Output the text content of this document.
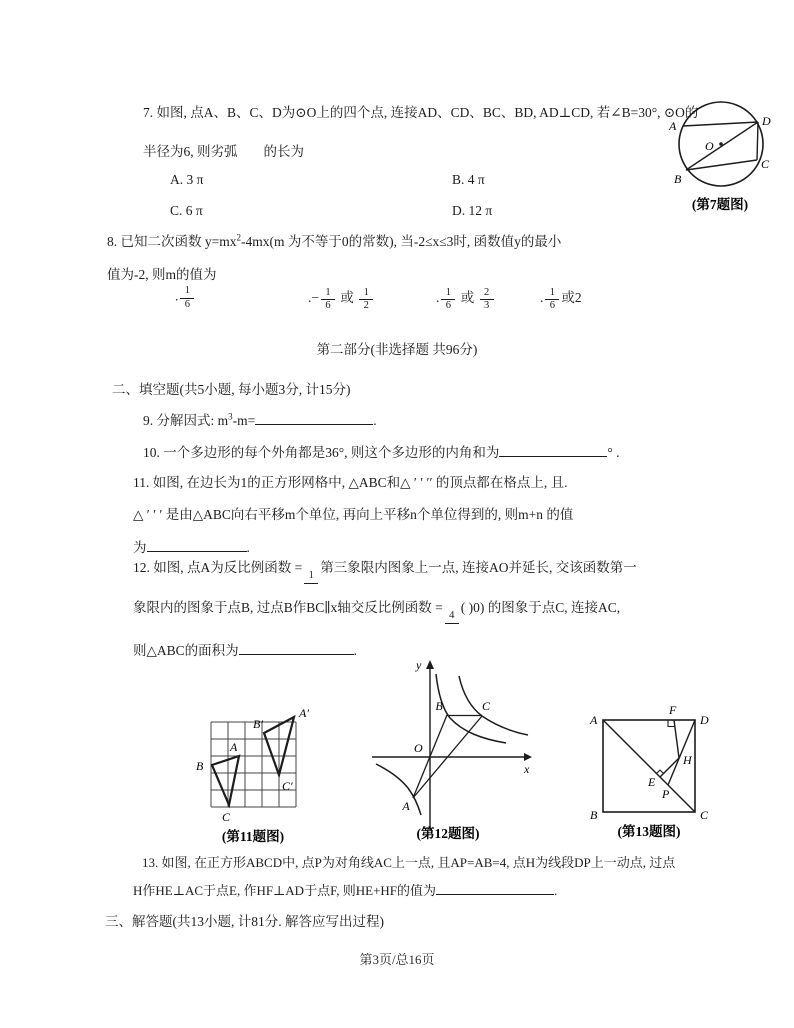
7. 如图, 点A、B、C、D为⊙O上的四个点, 连接AD、CD、BC、BD, AD⊥CD, 若∠B=30°, ⊙O的
半径为6, 则劣弧 的长为
A. 3 π	B. 4 π
C. 6 π	D. 12 π
O
A	D
B
C
(第7题图)
8. 已知二次函数 $y=mx^2-4mx(m$ 为不等于0的常数), 当-2≤x≤3时, 函数值y的最小
值为-2, 则m的值为
. $\frac{1}{6}$	.− $\frac{1}{6}$ 或 $\frac{1}{2}$	. $\frac{1}{6}$ 或 $\frac{2}{3}$	. $\frac{1}{6}$ 或2
第二部分(非选择题 共96分)
二、填空题(共5小题, 每小题3分, 计15分)
9. 分解因式: $m^3-m=$	.
10. 一个多边形的每个外角都是36°, 则这个多边形的内角和为	° .
11. 如图, 在边长为1的正方形网格中, △ABC和△ ′ ′ ′′ 的顶点都在格点上, 且.
△ ′ ′ ′ 是由△ABC向右平移m个单位, 再向上平移n个单位得到的, 则m+n 的值
为	.
12. 如图, 点A为反比例函数 =
1
第三象限内图象上一点, 连接AO并延长, 交该函数第一
象限内的图象于点B, 过点B作BC∥x轴交反比例函数 =
4
( )0) 的图象于点C, 连接AC,
则△ABC的面积为	.
A
B
C
A′
B′
C′
(第11题图)
y
x
O
B	C
A
(第12题图)
A	D
B	C
F
H
E
P
(第13题图)
13. 如图, 在正方形ABCD中, 点P为对角线AC上一点, 且AP=AB=4, 点H为线段DP上一动点, 过点
H作HE⊥AC于点E, 作HF⊥AD于点F, 则HE+HF的值为	.
三、解答题(共13小题, 计81分. 解答应写出过程)
第3页/总16页
